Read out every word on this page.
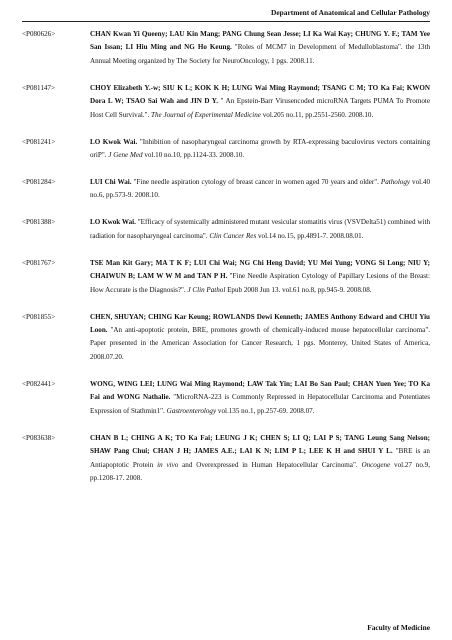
Department of Anatomical and Cellular Pathology
<P080626>	CHAN Kwan Yi Queeny; LAU Kin Mang; PANG Chung Sean Jesse; LI Ka Wai Kay; CHUNG Y. F.; TAM Yee San Issan; LI Hiu Ming and NG Ho Keung. "Roles of MCM7 in Development of Medulloblastoma". the 13th Annual Meeting organized by The Society for NeuroOncology, 1 pgs. 2008.11.
<P081147>	CHOY Elizabeth Y.-w; SIU K L; KOK K H; LUNG Wai Ming Raymond; TSANG C M; TO Ka Fai; KWON Dora L W; TSAO Sai Wah and JIN D Y. " An Epstein-Barr Virusencoded microRNA Targets PUMA To Promote Host Cell Survival.". The Journal of Experimental Medicine vol.205 no.11, pp.2551-2560. 2008.10.
<P081241>	LO Kwok Wai. "Inhibition of nasopharyngeal carcinoma growth by RTA-expressing baculovirus vectors containing oriP". J Gene Med vol.10 no.10, pp.1124-33. 2008.10.
<P081284>	LUI Chi Wai. "Fine needle aspiration cytology of breast cancer in women aged 70 years and older". Pathology vol.40 no.6, pp.573-9. 2008.10.
<P081388>	LO Kwok Wai. "Efficacy of systemically administered mutant vesicular stomatitis virus (VSVDelta51) combined with radiation for nasopharyngeal carcinoma". Clin Cancer Res vol.14 no.15, pp.4891-7. 2008.08.01.
<P081767>	TSE Man Kit Gary; MA T K F; LUI Chi Wai; NG Chi Heng David; YU Mei Yung; VONG Si Long; NIU Y; CHAIWUN B; LAM W W M and TAN P H. "Fine Needle Aspiration Cytology of Papillary Lesions of the Breast: How Accurate is the Diagnosis?". J Clin Pathol Epub 2008 Jun 13. vol.61 no.8, pp.945-9. 2008.08.
<P081855>	CHEN, SHUYAN; CHING Kar Keung; ROWLANDS Dewi Kenneth; JAMES Anthony Edward and CHUI Yiu Loon. "An anti-apoptotic protein, BRE, promotes growth of chemically-induced mouse hepatocellular carcinoma". Paper presented in the American Association for Cancer Research, 1 pgs. Monterey, United States of America, 2008.07.20.
<P082441>	WONG, WING LEI; LUNG Wai Ming Raymond; LAW Tak Yin; LAI Bo San Paul; CHAN Yuen Yee; TO Ka Fai and WONG Nathalie. "MicroRNA-223 is Commonly Repressed in Hepatocellular Carcinoma and Potentiates Expression of Stathmin1". Gastroenterology vol.135 no.1, pp.257-69. 2008.07.
<P083638>	CHAN B L; CHING A K; TO Ka Fai; LEUNG J K; CHEN S; LI Q; LAI P S; TANG Leung Sang Nelson; SHAW Pang Chui; CHAN J H; JAMES A.E.; LAI K N; LIM P L; LEE K H and SHUI Y L. "BRE is an Antiapoptotic Protein in vivo and Overexpressed in Human Hepatocellular Carcinoma". Oncogene vol.27 no.9, pp.1208-17. 2008.
Faculty of Medicine
